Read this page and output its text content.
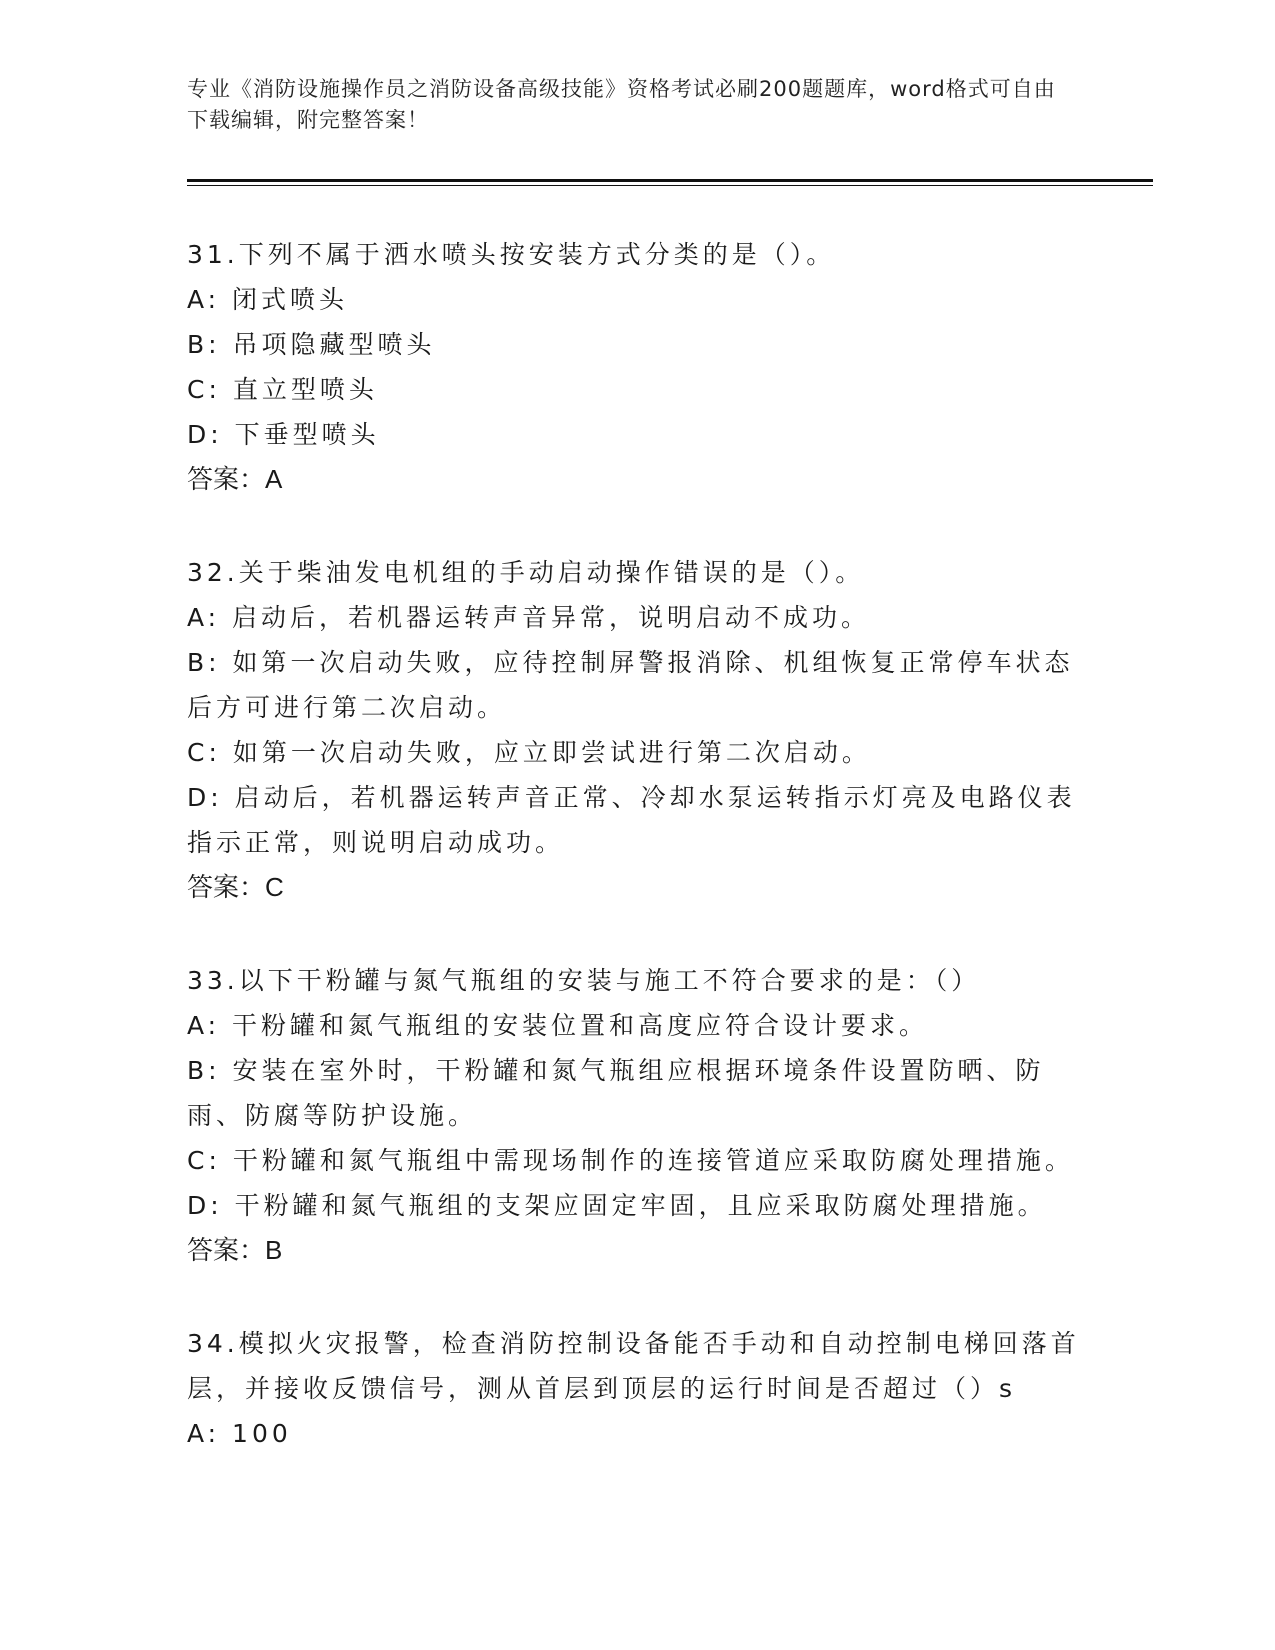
专业《消防设施操作员之消防设备高级技能》资格考试必刷200题题库，word格式可自由下载编辑，附完整答案！
31.下列不属于洒水喷头按安装方式分类的是（）。
A: 闭式喷头
B: 吊项隐藏型喷头
C: 直立型喷头
D: 下垂型喷头
答案：A
32.关于柴油发电机组的手动启动操作错误的是（）。
A: 启动后，若机器运转声音异常，说明启动不成功。
B: 如第一次启动失败，应待控制屏警报消除、机组恢复正常停车状态后方可进行第二次启动。
C: 如第一次启动失败，应立即尝试进行第二次启动。
D: 启动后，若机器运转声音正常、冷却水泵运转指示灯亮及电路仪表指示正常，则说明启动成功。
答案：C
33.以下干粉罐与氮气瓶组的安装与施工不符合要求的是：（）
A: 干粉罐和氮气瓶组的安装位置和高度应符合设计要求。
B: 安装在室外时，干粉罐和氮气瓶组应根据环境条件设置防晒、防雨、防腐等防护设施。
C: 干粉罐和氮气瓶组中需现场制作的连接管道应采取防腐处理措施。
D: 干粉罐和氮气瓶组的支架应固定牢固，且应采取防腐处理措施。
答案：B
34.模拟火灾报警，检查消防控制设备能否手动和自动控制电梯回落首层，并接收反馈信号，测从首层到顶层的运行时间是否超过（）s
A: 100
